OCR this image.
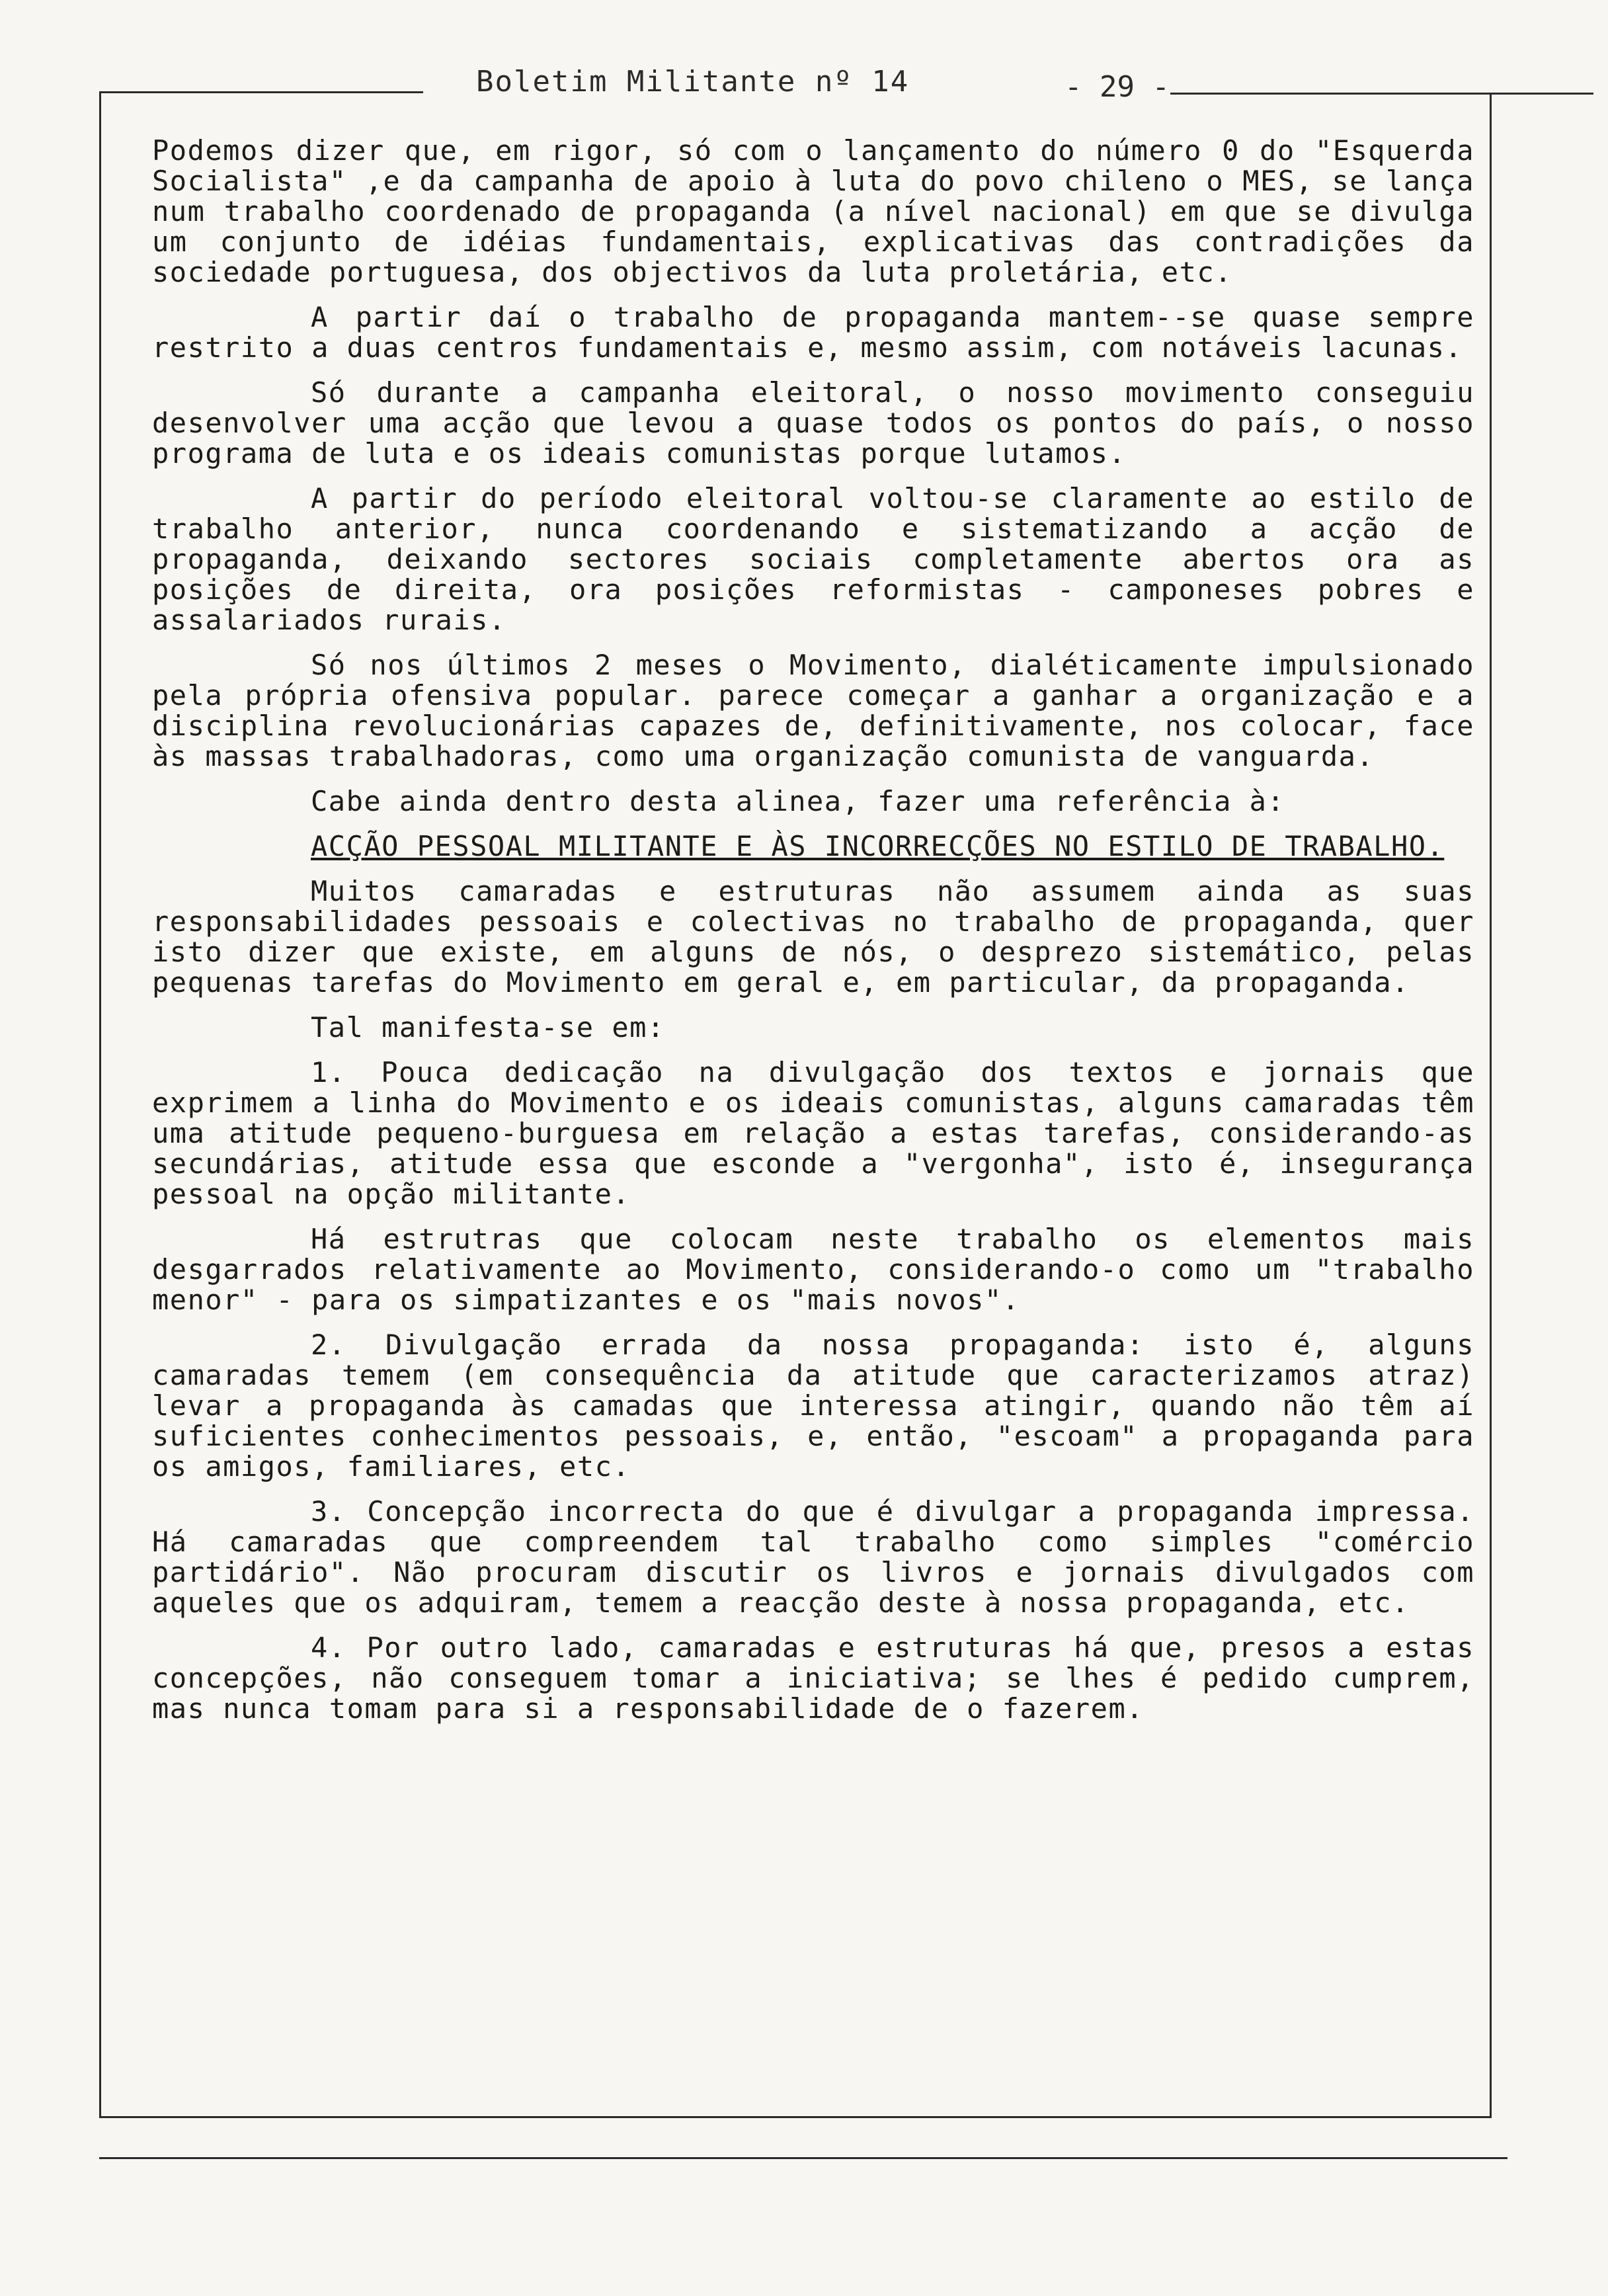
Boletim Militante nº 14	- 29 -

Podemos dizer que, em rigor, só com o lançamento do número 0 do "Esquerda Socialista" ,e da campanha de apoio à luta do povo chileno o MES, se lança num trabalho coordenado de propaganda (a nível nacional) em que se divulga um conjunto de idéias fundamentais, explicativas das contradições da sociedade portuguesa, dos objectivos da luta proletária, etc.

A partir daí o trabalho de propaganda mantem--se quase sempre restrito a duas centros fundamentais e, mesmo assim, com notáveis lacunas.

Só durante a campanha eleitoral, o nosso movimento conseguiu desenvolver uma acção que levou a quase todos os pontos do país, o nosso programa de luta e os ideais comunistas porque lutamos.

A partir do período eleitoral voltou-se claramente ao estilo de trabalho anterior, nunca coordenando e sistematizando a acção de propaganda, deixando sectores sociais completamente abertos ora as posições de direita, ora posições reformistas - camponeses pobres e assalariados rurais.

Só nos últimos 2 meses o Movimento, dialéticamente impulsionado pela própria ofensiva popular. parece começar a ganhar a organização e a disciplina revolucionárias capazes de, definitivamente, nos colocar, face às massas trabalhadoras, como uma organização comunista de vanguarda.

Cabe ainda dentro desta alinea, fazer uma referência à:

ACÇÃO PESSOAL MILITANTE E ÀS INCORRECÇÕES NO ESTILO DE TRABALHO.

Muitos camaradas e estruturas não assumem ainda as suas responsabilidades pessoais e colectivas no trabalho de propaganda, quer isto dizer que existe, em alguns de nós, o desprezo sistemático, pelas pequenas tarefas do Movimento em geral e, em particular, da propaganda.

Tal manifesta-se em:

1. Pouca dedicação na divulgação dos textos e jornais que exprimem a linha do Movimento e os ideais comunistas, alguns camaradas têm uma atitude pequeno-burguesa em relação a estas tarefas, considerando-as secundárias, atitude essa que esconde a "vergonha", isto é, insegurança pessoal na opção militante.

Há estrutras que colocam neste trabalho os elementos mais desgarrados relativamente ao Movimento, considerando-o como um "trabalho menor" - para os simpatizantes e os "mais novos".

2. Divulgação errada da nossa propaganda: isto é, alguns camaradas temem (em consequência da atitude que caracterizamos atraz) levar a propaganda às camadas que interessa atingir, quando não têm aí suficientes conhecimentos pessoais, e, então, "escoam" a propaganda para os amigos, familiares, etc.

3. Concepção incorrecta do que é divulgar a propaganda impressa. Há camaradas que compreendem tal trabalho como simples "comércio partidário". Não procuram discutir os livros e jornais divulgados com aqueles que os adquiram, temem a reacção deste à nossa propaganda, etc.

4. Por outro lado, camaradas e estruturas há que, presos a estas concepções, não conseguem tomar a iniciativa; se lhes é pedido cumprem, mas nunca tomam para si a responsabilidade de o fazerem.
